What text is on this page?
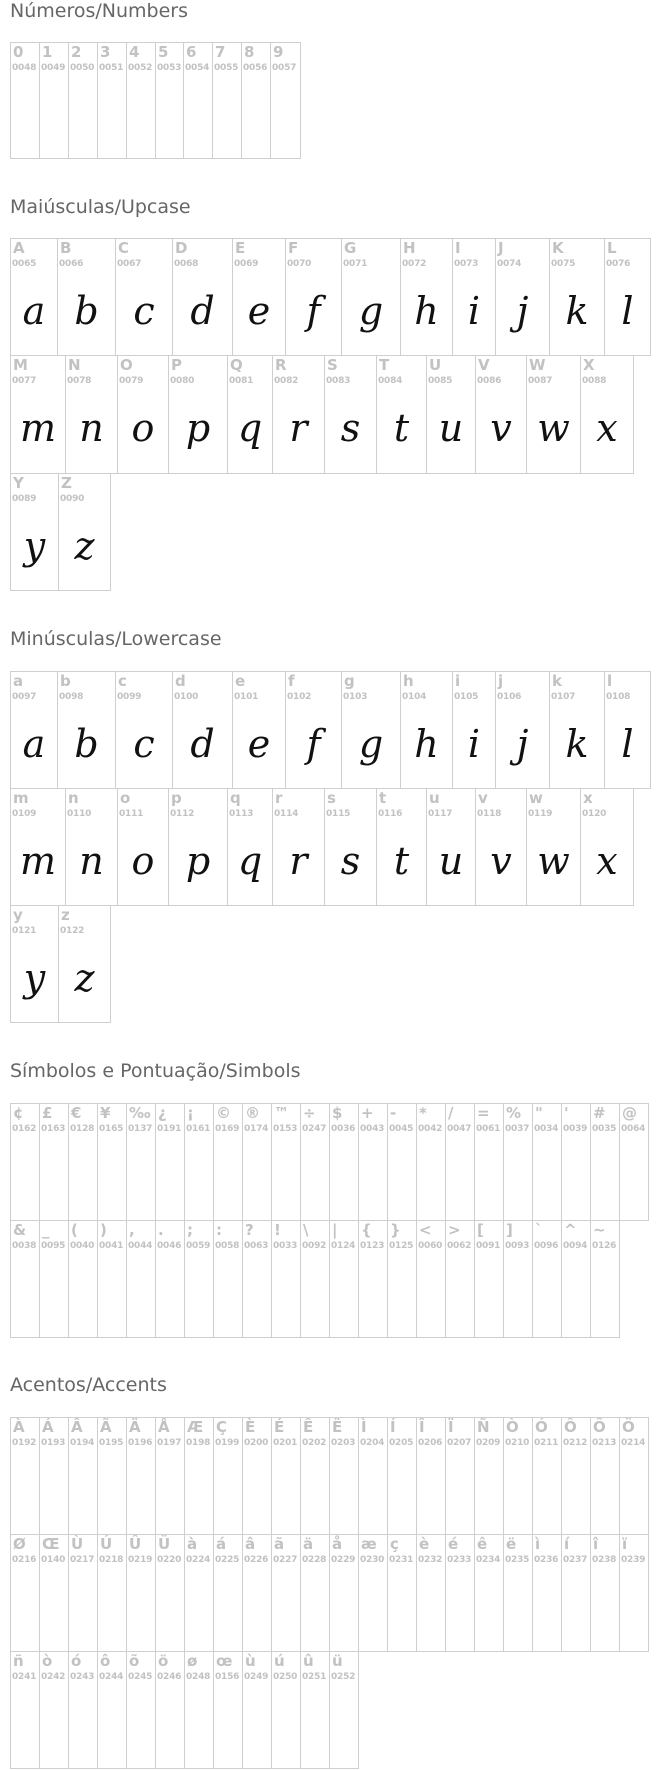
Números/Numbers
Maiúsculas/Upcase
Minúsculas/Lowercase
Símbolos e Pontuação/Simbols
Acentos/Accents
0
0048
1
0049
2
0050
3
0051
4
0052
5
0053
6
0054
7
0055
8
0056
9
0057
A
0065
a
B
0066
b
C
0067
c
D
0068
d
E
0069
e
F
0070
f
G
0071
g
H
0072
h
I
0073
i
J
0074
j
K
0075
k
L
0076
l
M
0077
m
N
0078
n
O
0079
o
P
0080
p
Q
0081
q
R
0082
r
S
0083
s
T
0084
t
U
0085
u
V
0086
v
W
0087
w
X
0088
x
Y
0089
y
Z
0090
z
a
0097
a
b
0098
b
c
0099
c
d
0100
d
e
0101
e
f
0102
f
g
0103
g
h
0104
h
i
0105
i
j
0106
j
k
0107
k
l
0108
l
m
0109
m
n
0110
n
o
0111
o
p
0112
p
q
0113
q
r
0114
r
s
0115
s
t
0116
t
u
0117
u
v
0118
v
w
0119
w
x
0120
x
y
0121
y
z
0122
z
¢
0162
£
0163
€
0128
¥
0165
‰
0137
¿
0191
¡
0161
©
0169
®
0174
™
0153
÷
0247
$
0036
+
0043
-
0045
*
0042
/
0047
=
0061
%
0037
"
0034
'
0039
#
0035
@
0064
&
0038
_
0095
(
0040
)
0041
,
0044
.
0046
;
0059
:
0058
?
0063
!
0033
\
0092
|
0124
{
0123
}
0125
<
0060
>
0062
[
0091
]
0093
`
0096
^
0094
~
0126
À
0192
Á
0193
Â
0194
Ã
0195
Ä
0196
Å
0197
Æ
0198
Ç
0199
È
0200
É
0201
Ê
0202
Ë
0203
Ì
0204
Í
0205
Î
0206
Ï
0207
Ñ
0209
Ò
0210
Ó
0211
Ô
0212
Õ
0213
Ö
0214
Ø
0216
Œ
0140
Ù
0217
Ú
0218
Û
0219
Ü
0220
à
0224
á
0225
â
0226
ã
0227
ä
0228
å
0229
æ
0230
ç
0231
è
0232
é
0233
ê
0234
ë
0235
ì
0236
í
0237
î
0238
ï
0239
ñ
0241
ò
0242
ó
0243
ô
0244
õ
0245
ö
0246
ø
0248
œ
0156
ù
0249
ú
0250
û
0251
ü
0252
